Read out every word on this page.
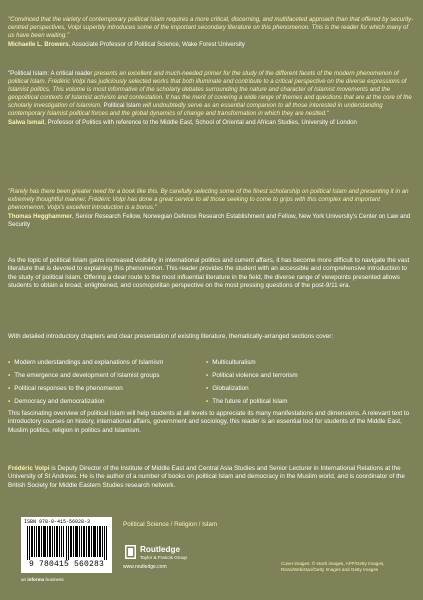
"Convinced that the variety of contemporary political Islam requires a more critical, discerning, and multifaceted approach than that offered by security-centred perspectives, Volpi superbly introduces some of the important secondary literature on this phenomenon. This is the reader for which many of us have been waiting."

Michaelle L. Browers, Associate Professor of Political Science, Wake Forest University

"Political Islam: A critical reader presents an excellent and much-needed primer for the study of the different facets of the modern phenomenon of political Islam. Frédéric Volpi has judiciously selected works that both illuminate and contribute to a critical perspective on the diverse expressions of Islamist politics. This volume is most informative of the scholarly debates surrounding the nature and character of Islamist movements and the geopolitical contexts of Islamist activism and contestation. It has the merit of covering a wide range of themes and questions that are at the core of the scholarly investigation of Islamism. Political Islam will undoubtedly serve as an essential companion to all those interested in understanding contemporary Islamist political forces and the global dynamics of change and transformation in which they are nestled."

Salwa Ismail, Professor of Politics with reference to the Middle East, School of Oriental and African Studies, University of London

"Rarely has there been greater need for a book like this. By carefully selecting some of the finest scholarship on political Islam and presenting it in an extremely thoughtful manner, Frédéric Volpi has done a great service to all those seeking to come to grips with this complex and important phenomenon. Volpi's excellent introduction is a bonus."

Thomas Hegghammer, Senior Research Fellow, Norwegian Defence Research Establishment and Fellow, New York University's Center on Law and Security

As the topic of political Islam gains increased visibility in international politics and current affairs, it has become more difficult to navigate the vast literature that is devoted to explaining this phenomenon. This reader provides the student with an accessible and comprehensive introduction to the study of political Islam. Offering a clear route to the most influential literature in the field, the diverse range of viewpoints presented allows students to obtain a broad, enlightened, and cosmopolitan perspective on the most pressing questions of the post-9/11 era.

With detailed introductory chapters and clear presentation of existing literature, thematically-arranged sections cover:

• Modern understandings and explanations of Islamism	• Multiculturalism
• The emergence and development of Islamist groups	• Political violence and terrorism
• Political responses to the phenomenon	• Globalization
• Democracy and democratization	• The future of political Islam

This fascinating overview of political Islam will help students at all levels to appreciate its many manifestations and dimensions. A relevant text to introductory courses on history, international affairs, government and sociology, this reader is an essential tool for students of the Middle East, Muslim politics, religion in politics and Islamism.

Frédéric Volpi is Deputy Director of the Institute of Middle East and Central Asia Studies and Senior Lecturer in International Relations at the University of St Andrews. He is the author of a number of books on political Islam and democracy in the Muslim world, and is coordinator of the British Society for Middle Eastern Studies research network.

ISBN 978-0-415-56028-3
9 780415 560283
an informa business
Political Science / Religion / Islam
Routledge
Taylor & Francis Group
www.routledge.com
Cover images: © stock images, AFP/Getty Images, Reza/Webistan/Getty Images and Getty Images
